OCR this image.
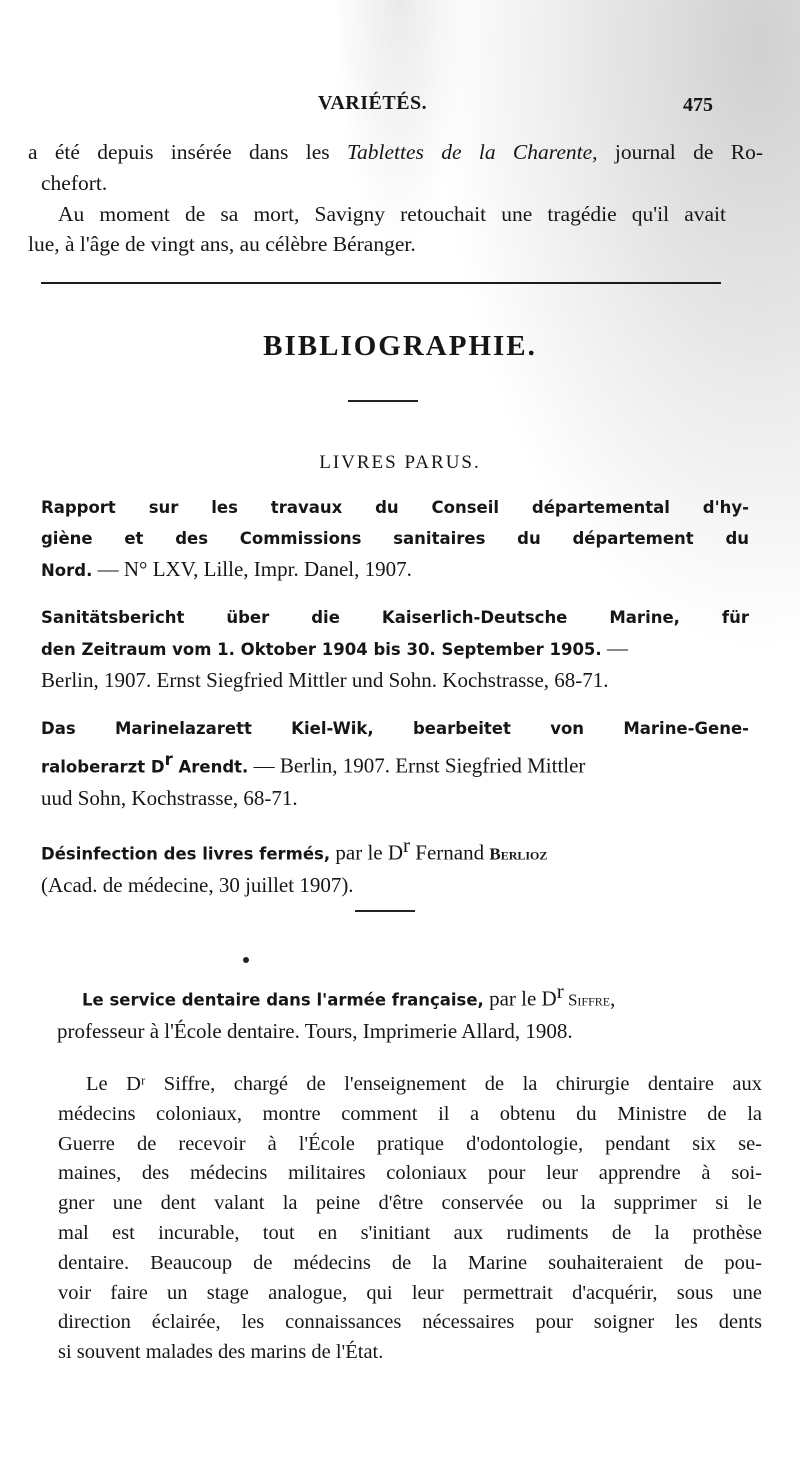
VARIÉTÉS.	475
a été depuis insérée dans les Tablettes de la Charente, journal de Ro-
chefort.
Au moment de sa mort, Savigny retouchait une tragédie qu'il avait
lue, à l'âge de vingt ans, au célèbre Béranger.
BIBLIOGRAPHIE.
LIVRES PARUS.
Rapport sur les travaux du Conseil départemental d'hy-
giène et des Commissions sanitaires du département du
Nord. — N° LXV, Lille, Impr. Danel, 1907.
Sanitätsbericht über die Kaiserlich-Deutsche Marine, für
den Zeitraum vom 1. Oktober 1904 bis 30. September 1905. —
Berlin, 1907. Ernst Siegfried Mittler und Sohn. Kochstrasse, 68-71.
Das Marinelazarett Kiel-Wik, bearbeitet von Marine-Gene-
raloberarzt $D^r$ Arendt. — Berlin, 1907. Ernst Siegfried Mittler
uud Sohn, Kochstrasse, 68-71.
Désinfection des livres fermés, par le $D^r$ Fernand Berlioz
(Acad. de médecine, 30 juillet 1907).
Le service dentaire dans l'armée française, par le $D^r$ Siffre,
professeur à l'École dentaire. Tours, Imprimerie Allard, 1908.
Le Dʳ Siffre, chargé de l'enseignement de la chirurgie dentaire aux
médecins coloniaux, montre comment il a obtenu du Ministre de la
Guerre de recevoir à l'École pratique d'odontologie, pendant six se-
maines, des médecins militaires coloniaux pour leur apprendre à soi-
gner une dent valant la peine d'être conservée ou la supprimer si le
mal est incurable, tout en s'initiant aux rudiments de la prothèse
dentaire. Beaucoup de médecins de la Marine souhaiteraient de pou-
voir faire un stage analogue, qui leur permettrait d'acquérir, sous une
direction éclairée, les connaissances nécessaires pour soigner les dents
si souvent malades des marins de l'État.
